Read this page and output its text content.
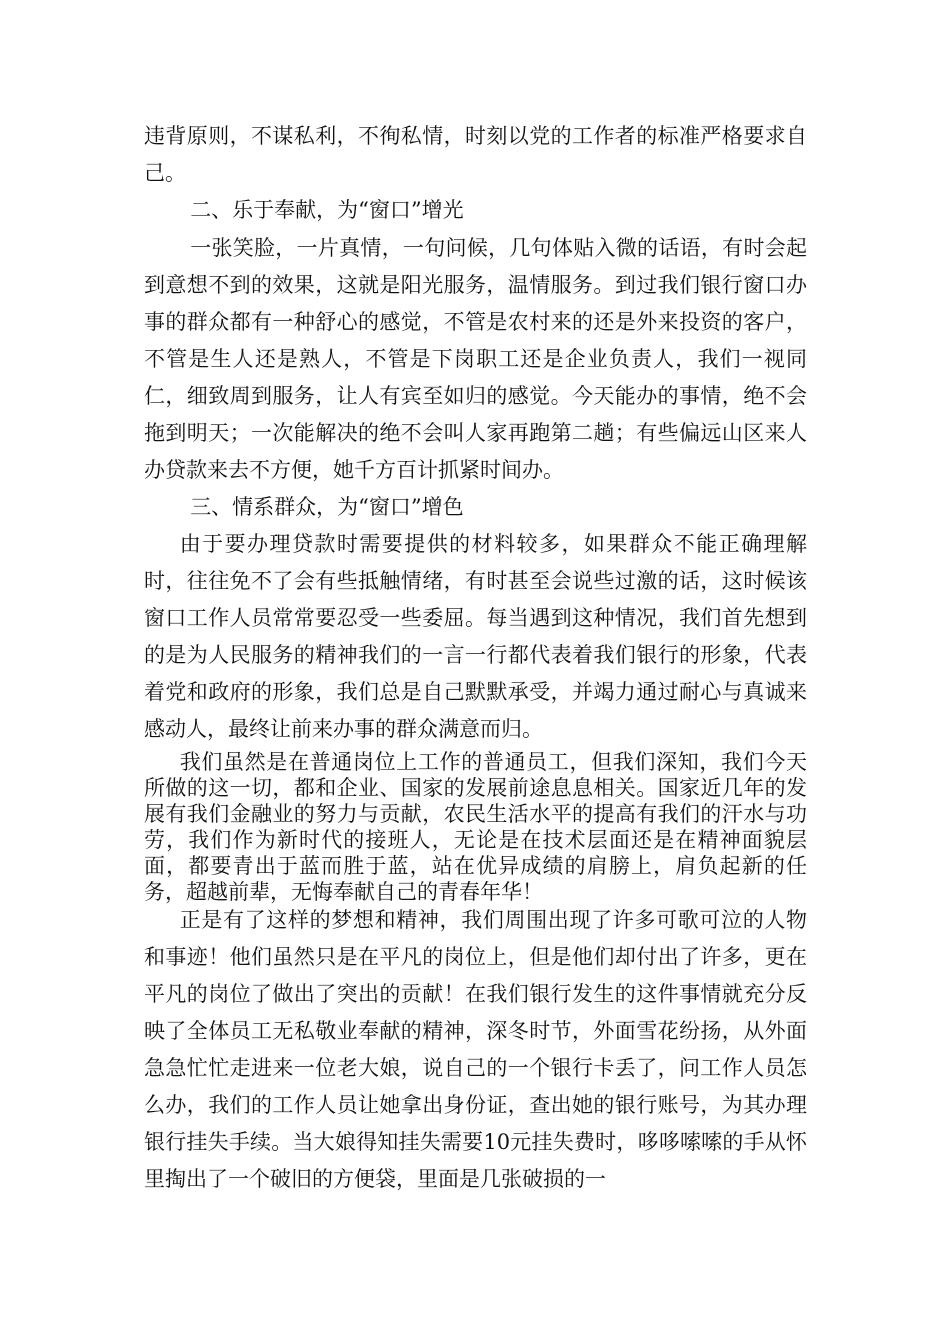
违背原则，不谋私利，不徇私情，时刻以党的工作者的标准严格要求自己。

二、乐于奉献，为“窗口”增光

一张笑脸，一片真情，一句问候，几句体贴入微的话语，有时会起到意想不到的效果，这就是阳光服务，温情服务。到过我们银行窗口办事的群众都有一种舒心的感觉，不管是农村来的还是外来投资的客户，不管是生人还是熟人，不管是下岗职工还是企业负责人，我们一视同仁，细致周到服务，让人有宾至如归的感觉。今天能办的事情，绝不会拖到明天；一次能解决的绝不会叫人家再跑第二趟；有些偏远山区来人办贷款来去不方便，她千方百计抓紧时间办。

三、情系群众，为“窗口”增色

由于要办理贷款时需要提供的材料较多，如果群众不能正确理解时，往往免不了会有些抵触情绪，有时甚至会说些过激的话，这时候该窗口工作人员常常要忍受一些委屈。每当遇到这种情况，我们首先想到的是为人民服务的精神我们的一言一行都代表着我们银行的形象，代表着党和政府的形象，我们总是自己默默承受，并竭力通过耐心与真诚来感动人，最终让前来办事的群众满意而归。

我们虽然是在普通岗位上工作的普通员工，但我们深知，我们今天所做的这一切，都和企业、国家的发展前途息息相关。国家近几年的发展有我们金融业的努力与贡献，农民生活水平的提高有我们的汗水与功劳，我们作为新时代的接班人，无论是在技术层面还是在精神面貌层面，都要青出于蓝而胜于蓝，站在优异成绩的肩膀上，肩负起新的任务，超越前辈，无悔奉献自己的青春年华！

正是有了这样的梦想和精神，我们周围出现了许多可歌可泣的人物和事迹！他们虽然只是在平凡的岗位上，但是他们却付出了许多，更在平凡的岗位了做出了突出的贡献！在我们银行发生的这件事情就充分反映了全体员工无私敬业奉献的精神，深冬时节，外面雪花纷扬，从外面急急忙忙走进来一位老大娘，说自己的一个银行卡丢了，问工作人员怎么办，我们的工作人员让她拿出身份证，查出她的银行账号，为其办理银行挂失手续。当大娘得知挂失需要10元挂失费时，哆哆嗦嗦的手从怀里掏出了一个破旧的方便袋，里面是几张破损的一
